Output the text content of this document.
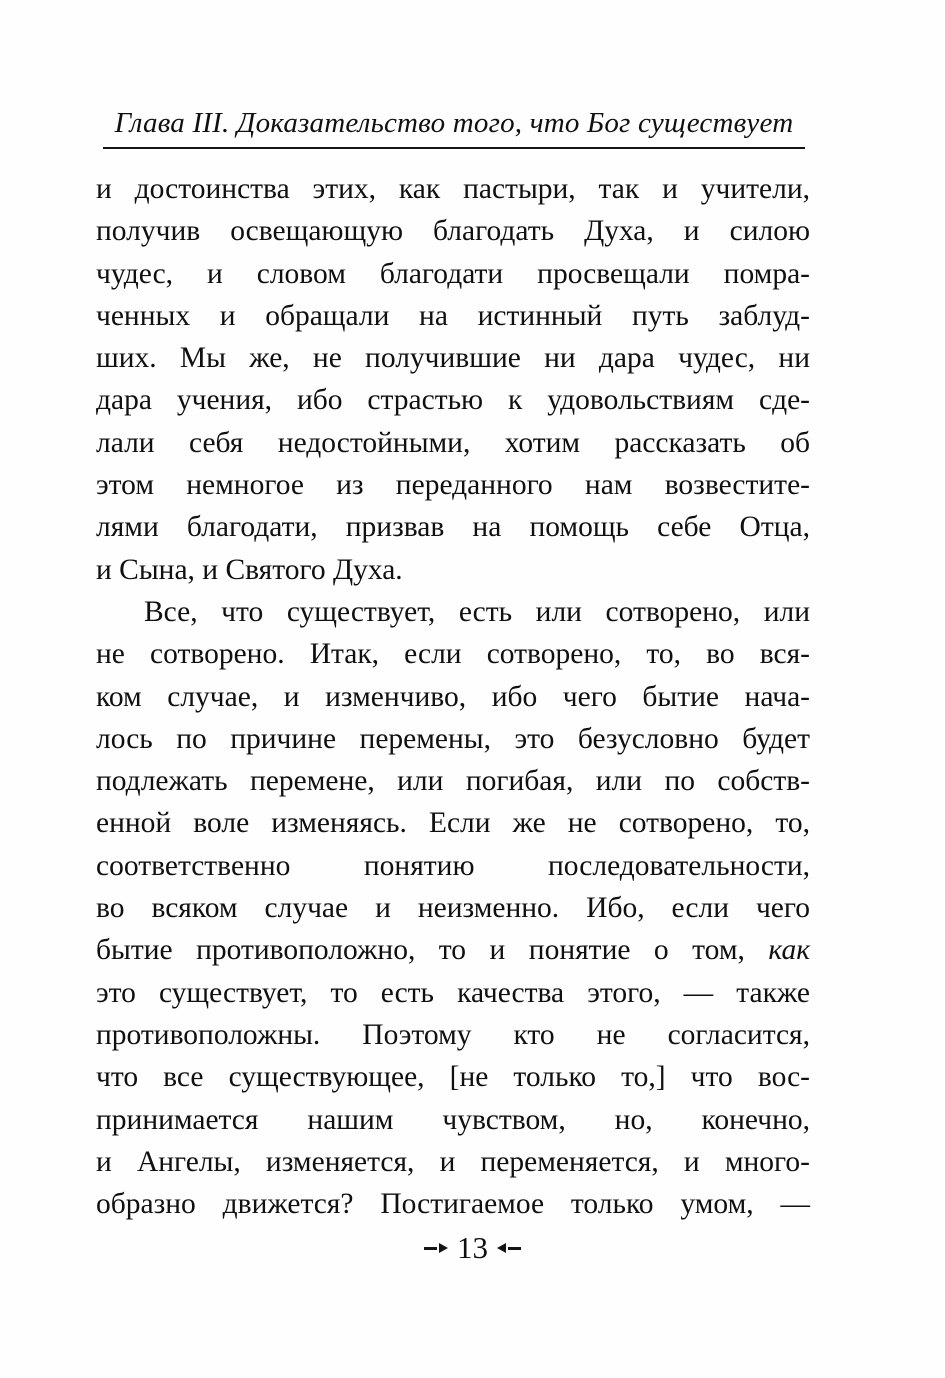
Глава III. Доказательство того, что Бог существует
и достоинства этих, как пастыри, так и учители,
получив освещающую благодать Духа, и силою
чудес, и словом благодати просвещали помра-
ченных и обращали на истинный путь заблуд-
ших. Мы же, не получившие ни дара чудес, ни
дара учения, ибо страстью к удовольствиям сде-
лали себя недостойными, хотим рассказать об
этом немногое из переданного нам возвестите-
лями благодати, призвав на помощь себе Отца,
и Сына, и Святого Духа.
Все, что существует, есть или сотворено, или
не сотворено. Итак, если сотворено, то, во вся-
ком случае, и изменчиво, ибо чего бытие нача-
лось по причине перемены, это безусловно будет
подлежать перемене, или погибая, или по собств-
енной воле изменяясь. Если же не сотворено, то,
соответственно понятию последовательности,
во всяком случае и неизменно. Ибо, если чего
бытие противоположно, то и понятие о том, как
это существует, то есть качества этого, — также
противоположны. Поэтому кто не согласится,
что все существующее, [не только то,] что вос-
принимается нашим чувством, но, конечно,
и Ангелы, изменяется, и переменяется, и много-
образно движется? Постигаемое только умом, —
13
